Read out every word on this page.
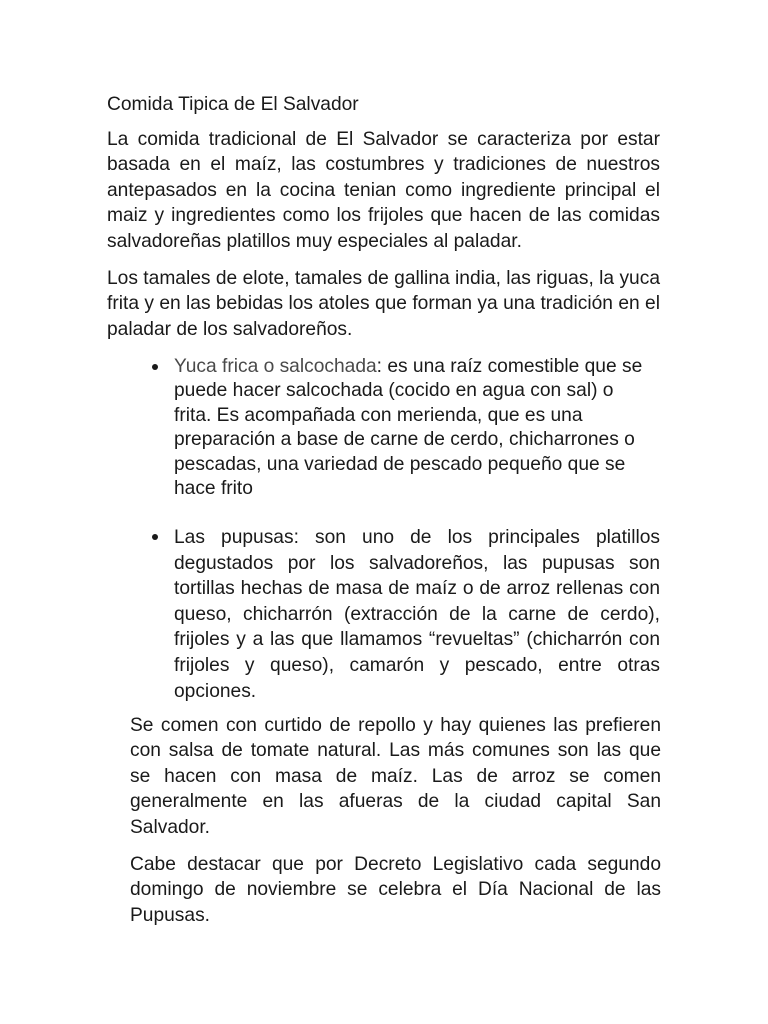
Comida Tipica de El Salvador

La comida tradicional de El Salvador se caracteriza por estar basada en el maíz, las costumbres y tradiciones de nuestros antepasados en la cocina tenian como ingrediente principal el maiz y ingredientes como los frijoles que hacen de las comidas salvadoreñas platillos muy especiales al paladar.

Los tamales de elote, tamales de gallina india, las riguas, la yuca frita y en las bebidas los atoles que forman ya una tradición en el paladar de los salvadoreños.

Yuca frica o salcochada: es una raíz comestible que se puede hacer salcochada (cocido en agua con sal) o frita. Es acompañada con merienda, que es una preparación a base de carne de cerdo, chicharrones o pescadas, una variedad de pescado pequeño que se hace frito
Las pupusas: son uno de los principales platillos degustados por los salvadoreños, las pupusas son tortillas hechas de masa de maíz o de arroz rellenas con queso, chicharrón (extracción de la carne de cerdo), frijoles y a las que llamamos “revueltas” (chicharrón con frijoles y queso), camarón y pescado, entre otras opciones.

Se comen con curtido de repollo y hay quienes las prefieren con salsa de tomate natural. Las más comunes son las que se hacen con masa de maíz. Las de arroz se comen generalmente en las afueras de la ciudad capital San Salvador.

Cabe destacar que por Decreto Legislativo cada segundo domingo de noviembre se celebra el Día Nacional de las Pupusas.
